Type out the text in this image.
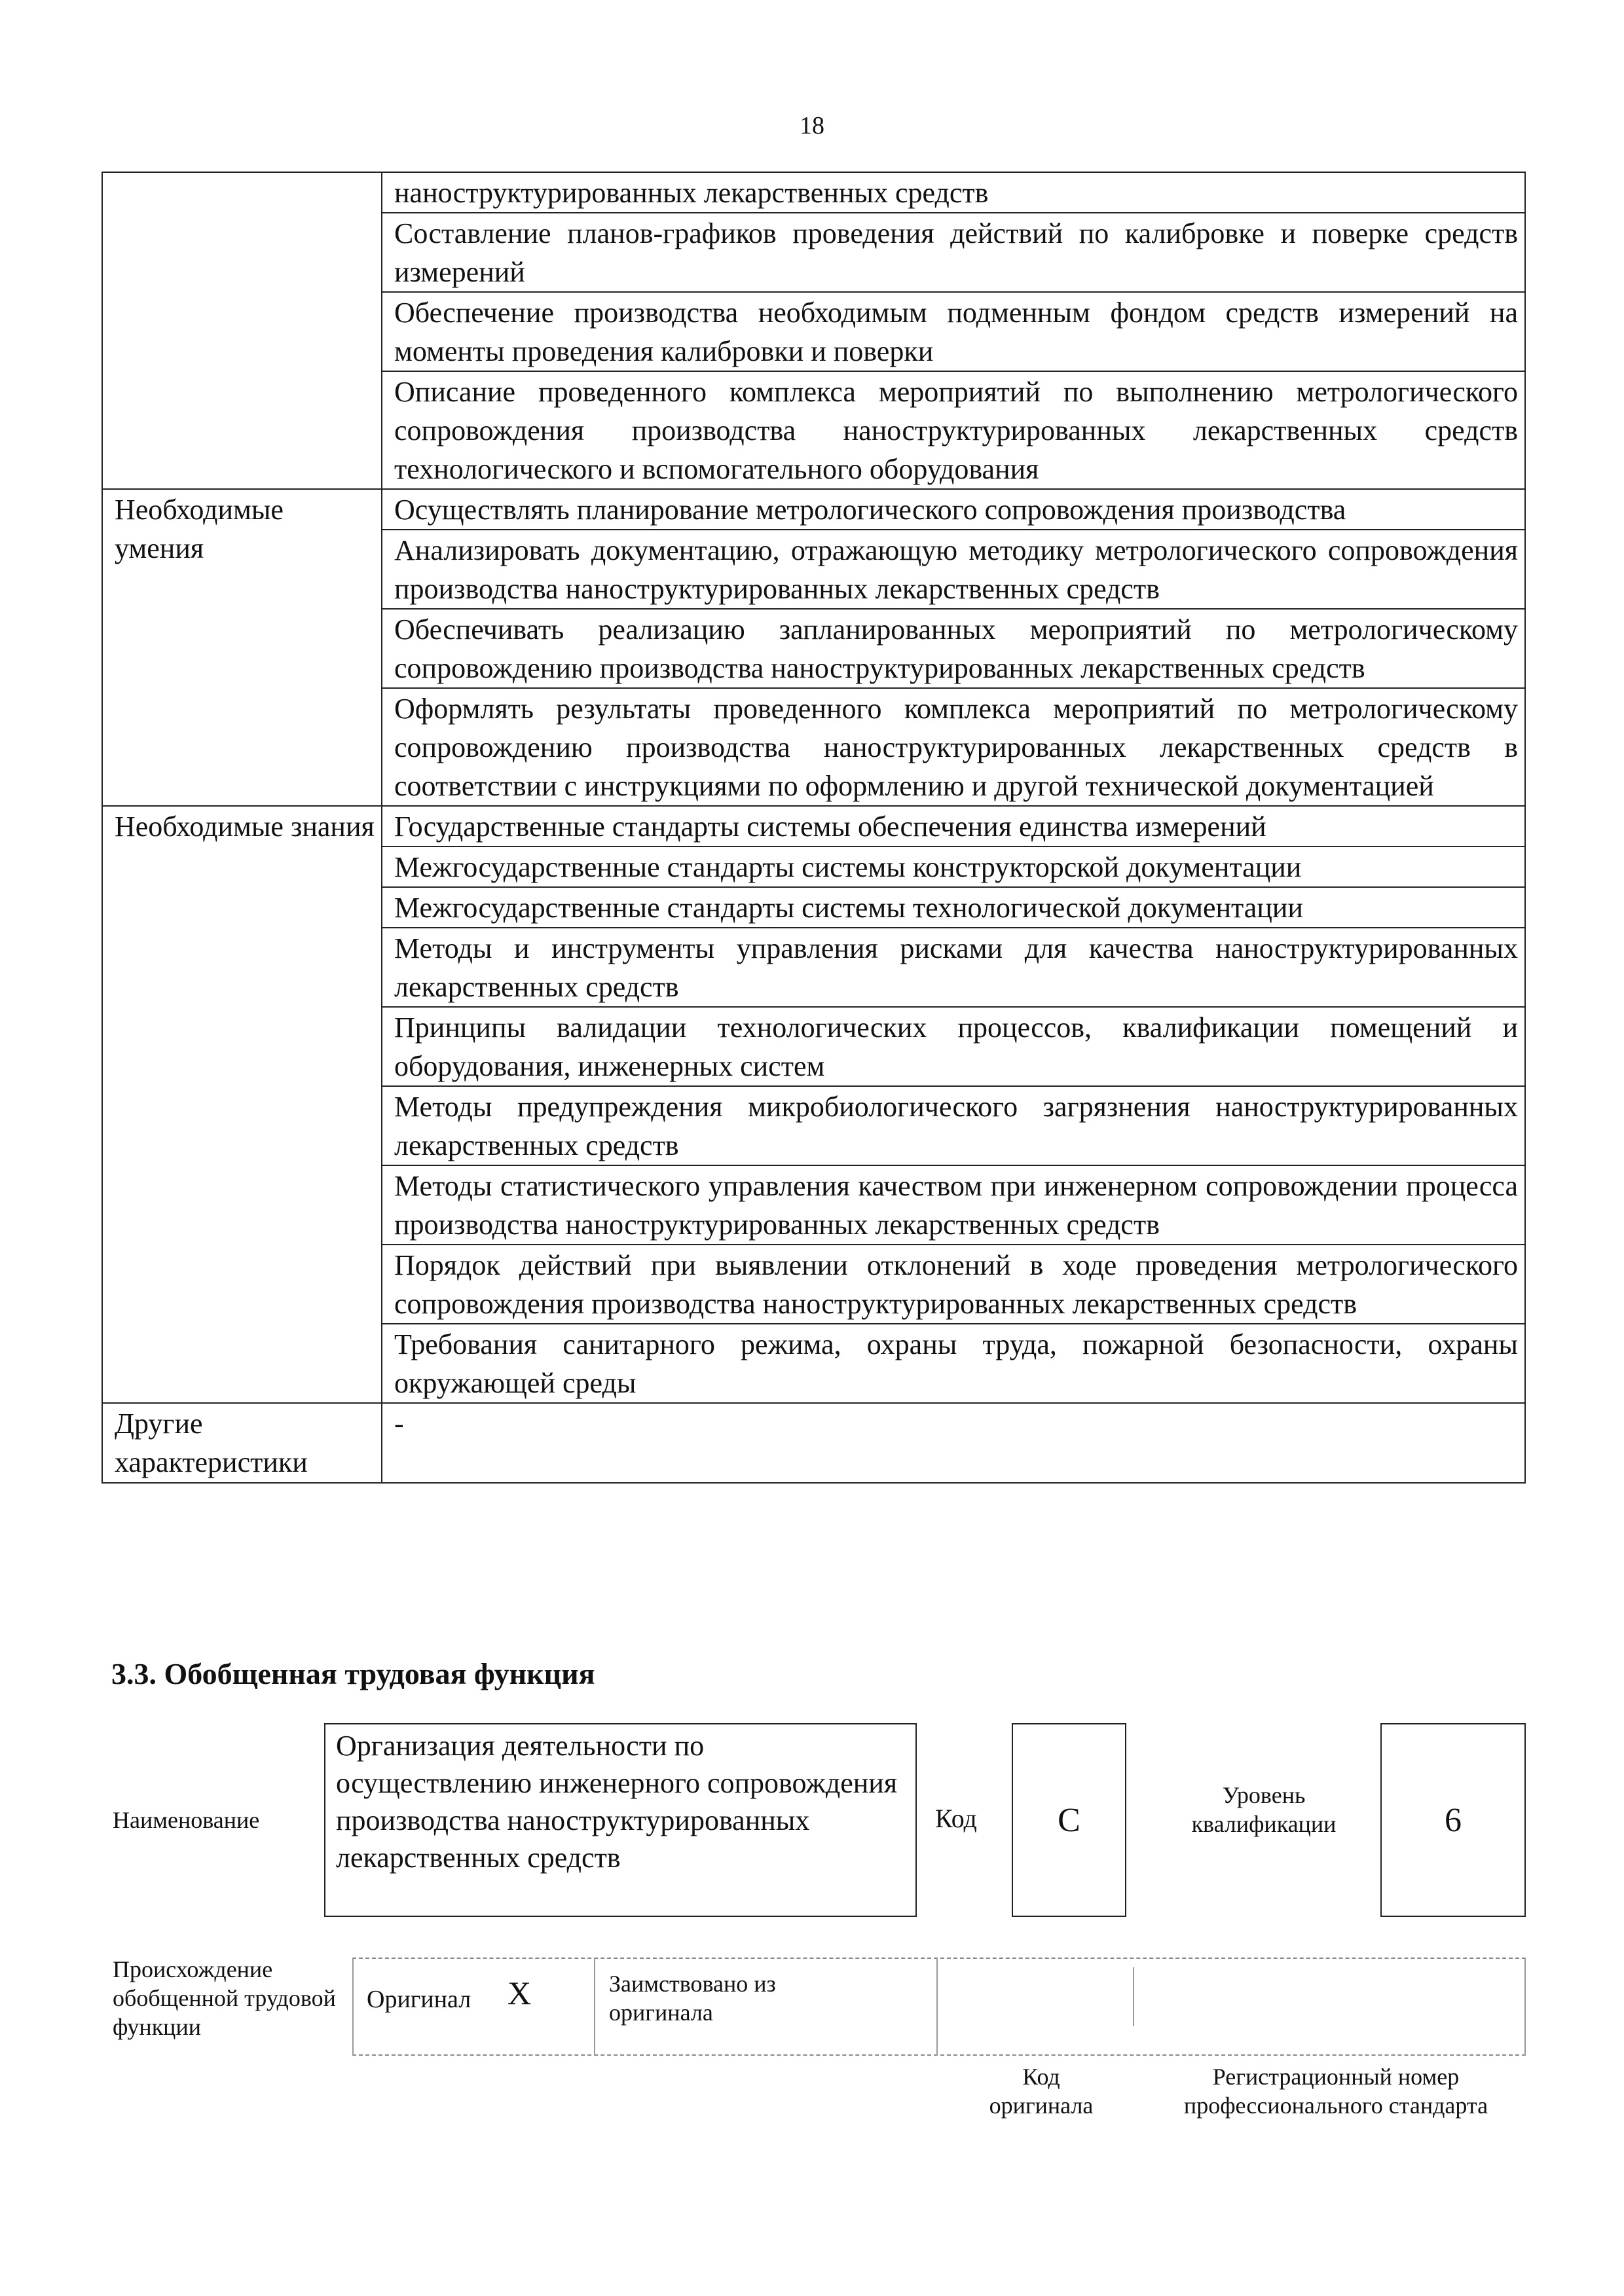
18
	наноструктурированных лекарственных средств
	Составление планов-графиков проведения действий по калибровке и поверке средств измерений
	Обеспечение производства необходимым подменным фондом средств измерений на моменты проведения калибровки и поверки
	Описание проведенного комплекса мероприятий по выполнению метрологического сопровождения производства наноструктурированных лекарственных средств технологического и вспомогательного оборудования
Необходимые умения	Осуществлять планирование метрологического сопровождения производства
	Анализировать документацию, отражающую методику метрологического сопровождения производства наноструктурированных лекарственных средств
	Обеспечивать реализацию запланированных мероприятий по метрологическому сопровождению производства наноструктурированных лекарственных средств
	Оформлять результаты проведенного комплекса мероприятий по метрологическому сопровождению производства наноструктурированных лекарственных средств в соответствии с инструкциями по оформлению и другой технической документацией
Необходимые знания	Государственные стандарты системы обеспечения единства измерений
	Межгосударственные стандарты системы конструкторской документации
	Межгосударственные стандарты системы технологической документации
	Методы и инструменты управления рисками для качества наноструктурированных лекарственных средств
	Принципы валидации технологических процессов, квалификации помещений и оборудования, инженерных систем
	Методы предупреждения микробиологического загрязнения наноструктурированных лекарственных средств
	Методы статистического управления качеством при инженерном сопровождении процесса производства наноструктурированных лекарственных средств
	Порядок действий при выявлении отклонений в ходе проведения метрологического сопровождения производства наноструктурированных лекарственных средств
	Требования санитарного режима, охраны труда, пожарной безопасности, охраны окружающей среды
Другие характеристики	-
3.3. Обобщенная трудовая функция
Наименование
Организация деятельности по осуществлению инженерного сопровождения производства наноструктурированных лекарственных средств
Код C
Уровень квалификации	6
Происхождение обобщенной трудовой функции
Оригинал X	Заимствовано из оригинала
Код оригинала
Регистрационный номер профессионального стандарта
